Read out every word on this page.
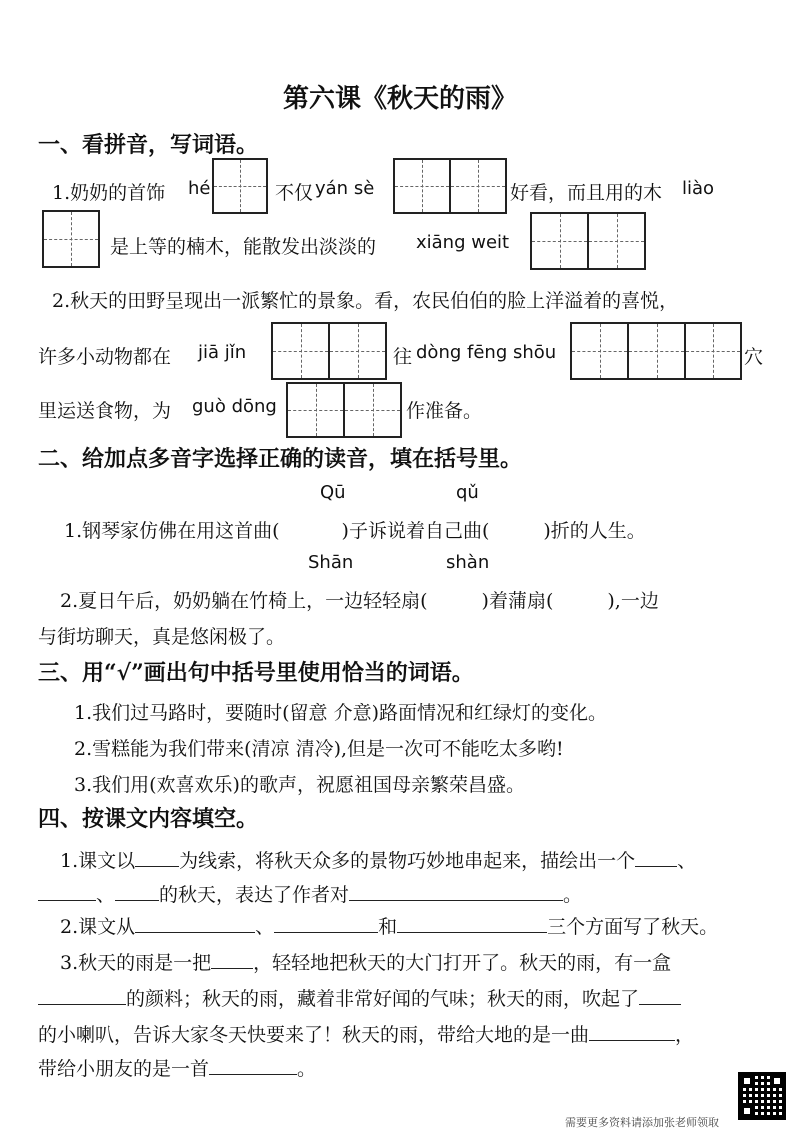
第六课《秋天的雨》
一、看拼音，写词语。
1.奶奶的首饰 hé	不仅 yán sè	好看，而且用的木 liào
是上等的楠木，能散发出淡淡的 xiāng weit
2.秋天的田野呈现出一派繁忙的景象。看，农民伯伯的脸上洋溢着的喜悦，
许多小动物都在 jiā jǐn	往 dòng fēng shōu	穴
里运送食物，为 guò dōng	作准备。
二、给加点多音字选择正确的读音，填在括号里。
Qū	qǔ
1.钢琴家仿佛在用这首曲(	)子诉说着自己曲(	)折的人生。
Shān	shàn
2.夏日午后，奶奶躺在竹椅上，一边轻轻扇(	)着蒲扇(	),一边
与街坊聊天，真是悠闲极了。
三、用“√”画出句中括号里使用恰当的词语。
1.我们过马路时，要随时(留意 介意)路面情况和红绿灯的变化。
2.雪糕能为我们带来(清凉 清冷),但是一次可不能吃太多哟!
3.我们用(欢喜欢乐)的歌声，祝愿祖国母亲繁荣昌盛。
四、按课文内容填空。
1.课文以 为线索，将秋天众多的景物巧妙地串起来，描绘出一个 、
、 的秋天，表达了作者对	。
2.课文从	、	和	三个方面写了秋天。
3.秋天的雨是一把 ，轻轻地把秋天的大门打开了。秋天的雨，有一盒
的颜料；秋天的雨，藏着非常好闻的气味；秋天的雨，吹起了
的小喇叭，告诉大家冬天快要来了！秋天的雨，带给大地的是一曲	，
带给小朋友的是一首	。
需要更多资料请添加张老师领取
